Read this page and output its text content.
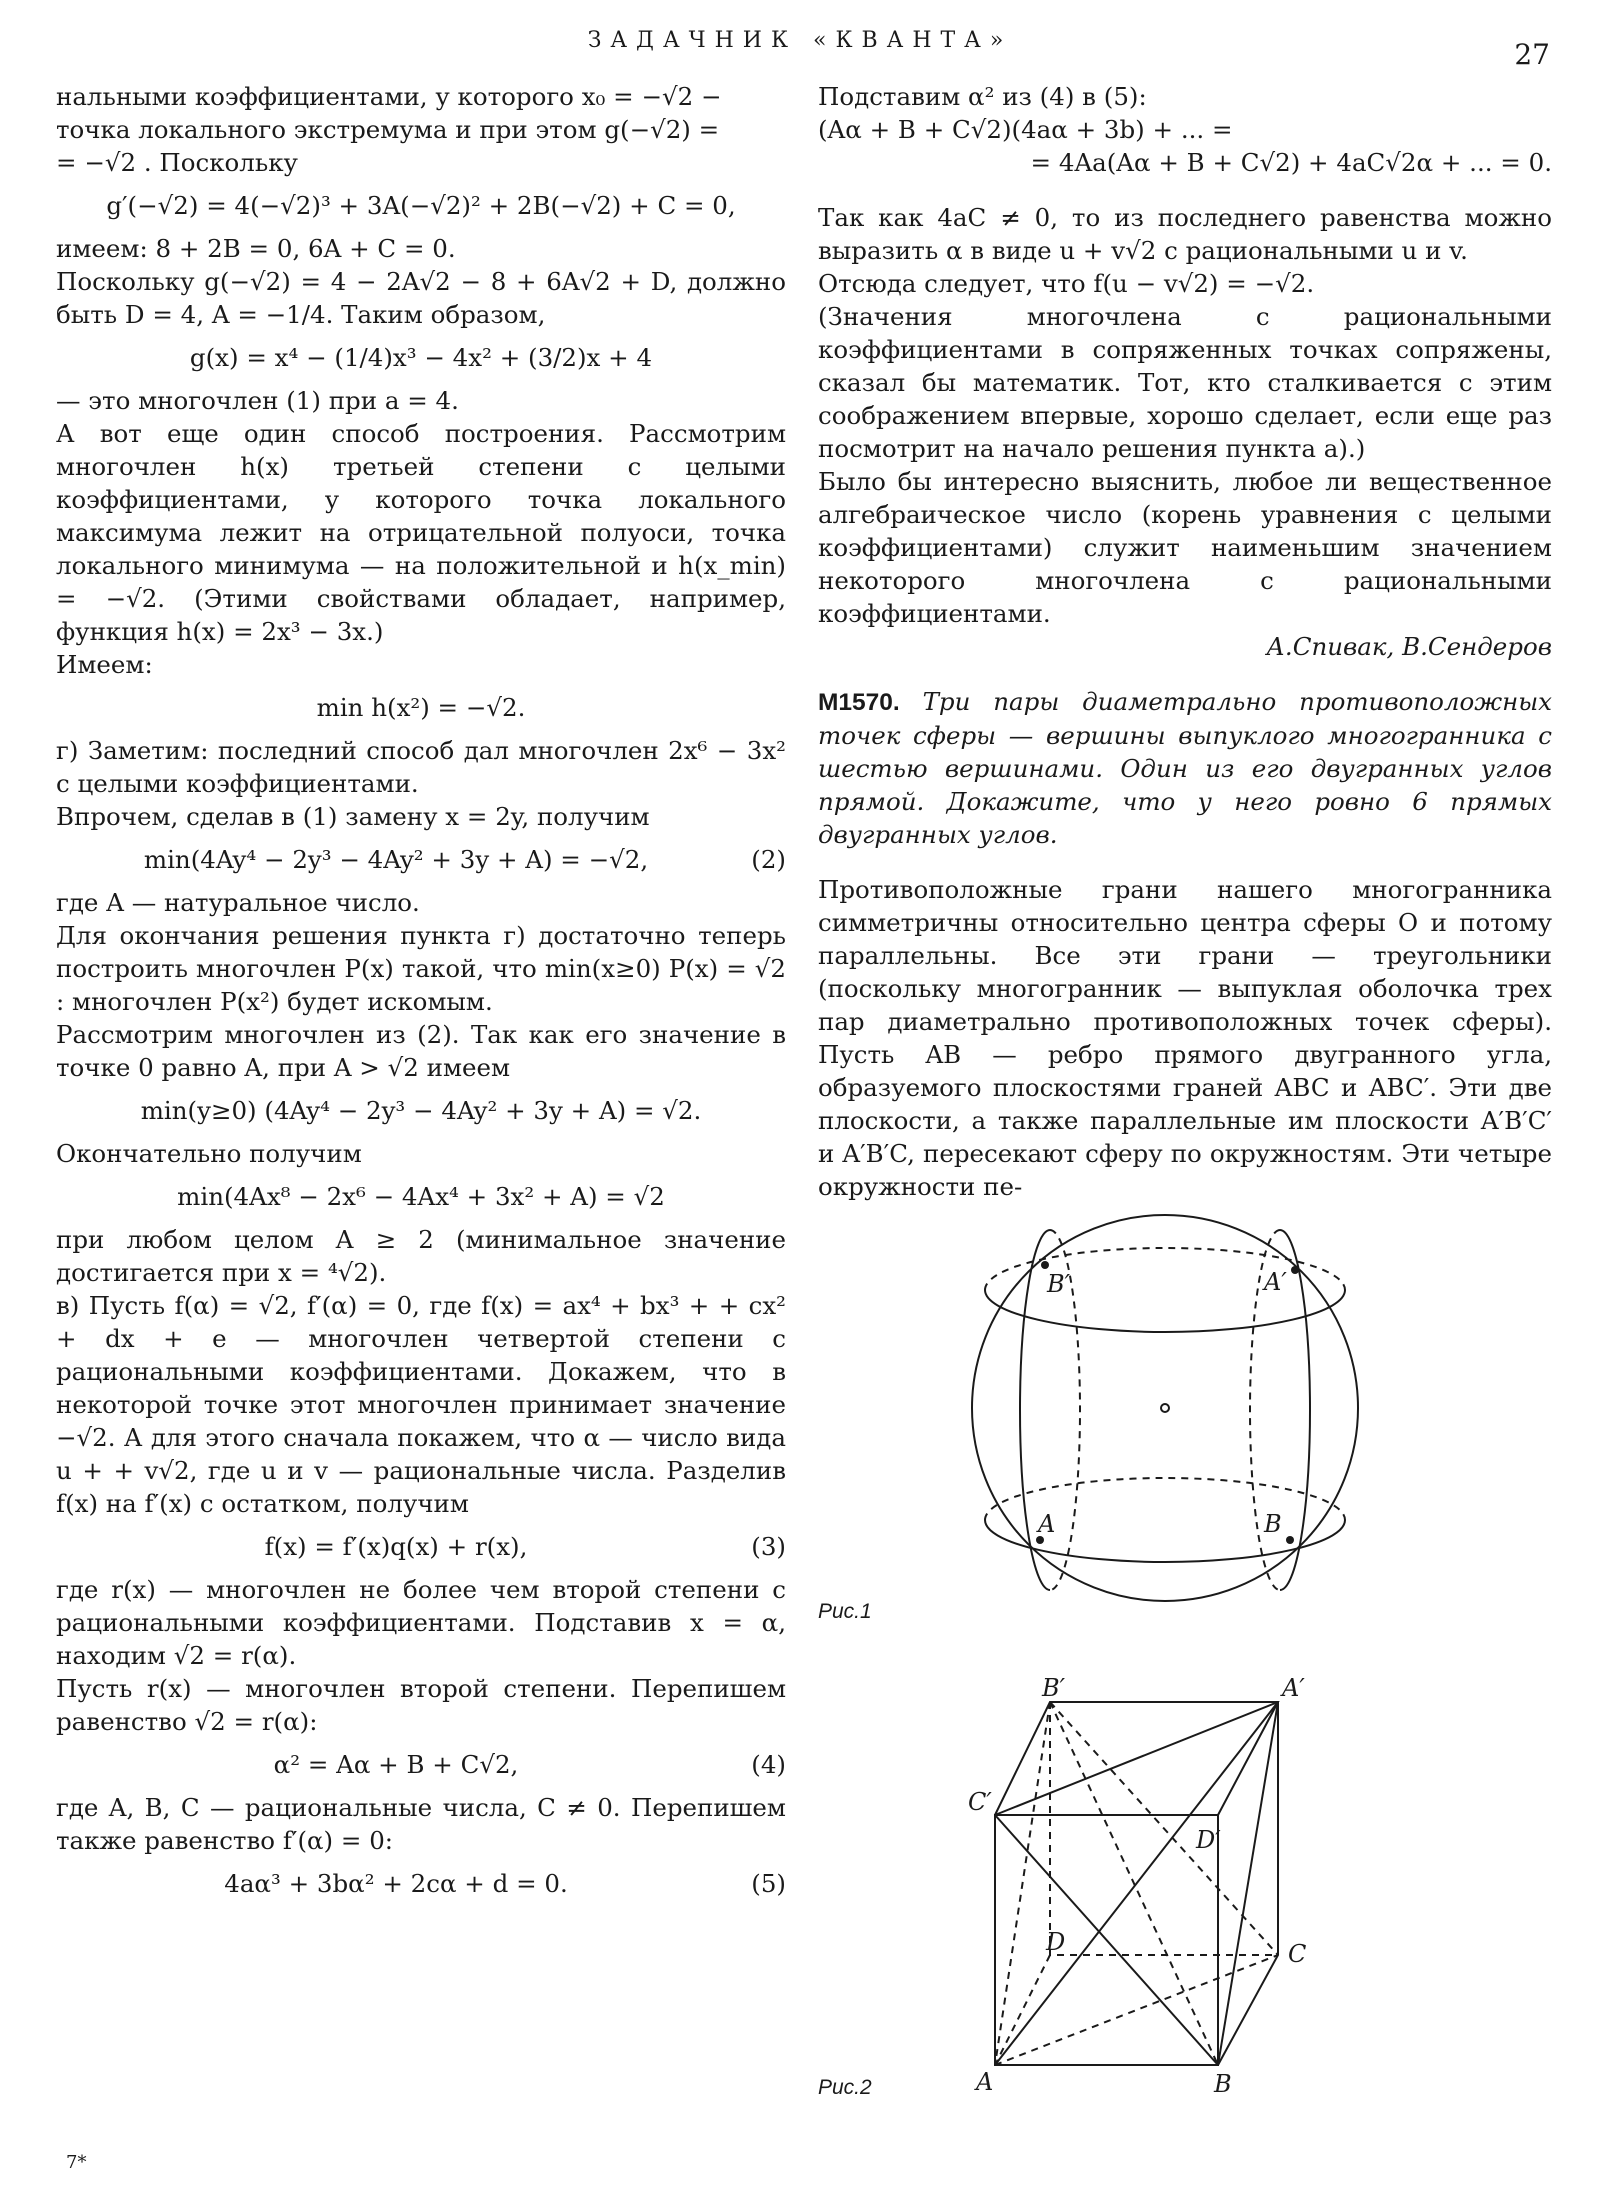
ЗАДАЧНИК «КВАНТА»	27

нальными коэффициентами, у которого x₀ = −√2 −

точка локального экстремума и при этом g(−√2) =

= −√2 . Поскольку

g′(−√2) = 4(−√2)³ + 3A(−√2)² + 2B(−√2) + C = 0,

имеем: 8 + 2B = 0, 6A + C = 0.

Поскольку g(−√2) = 4 − 2A√2 − 8 + 6A√2 + D, должно быть D = 4, A = −1/4. Таким образом,

g(x) = x⁴ − (1/4)x³ − 4x² + (3/2)x + 4

— это многочлен (1) при a = 4.

А вот еще один способ построения. Рассмотрим многочлен h(x) третьей степени с целыми коэффициентами, у которого точка локального максимума лежит на отрицательной полуоси, точка локального минимума — на положительной и h(x_min) = −√2. (Этими свойствами обладает, например, функция h(x) = 2x³ − 3x.)

Имеем:

min h(x²) = −√2.

г) Заметим: последний способ дал многочлен 2x⁶ − 3x² с целыми коэффициентами.

Впрочем, сделав в (1) замену x = 2y, получим

min(4Ay⁴ − 2y³ − 4Ay² + 3y + A) = −√2,	(2)

где A — натуральное число.

Для окончания решения пункта г) достаточно теперь построить многочлен P(x) такой, что min(x≥0) P(x) = √2 : многочлен P(x²) будет искомым.

Рассмотрим многочлен из (2). Так как его значение в точке 0 равно A, при A > √2 имеем

min(y≥0) (4Ay⁴ − 2y³ − 4Ay² + 3y + A) = √2.

Окончательно получим

min(4Ax⁸ − 2x⁶ − 4Ax⁴ + 3x² + A) = √2

при любом целом A ≥ 2 (минимальное значение достигается при x = ⁴√2).

в) Пусть f(α) = √2, f′(α) = 0, где f(x) = ax⁴ + bx³ + + cx² + dx + e — многочлен четвертой степени с рациональными коэффициентами. Докажем, что в некоторой точке этот многочлен принимает значение −√2. А для этого сначала покажем, что α — число вида u + + v√2, где u и v — рациональные числа. Разделив f(x) на f′(x) с остатком, получим

f(x) = f′(x)q(x) + r(x),	(3)

где r(x) — многочлен не более чем второй степени с рациональными коэффициентами. Подставив x = α, находим √2 = r(α).

Пусть r(x) — многочлен второй степени. Перепишем равенство √2 = r(α):

α² = Aα + B + C√2,	(4)

где A, B, C — рациональные числа, C ≠ 0. Перепишем также равенство f′(α) = 0:

4aα³ + 3bα² + 2cα + d = 0.	(5)

Подставим α² из (4) в (5):

(Aα + B + C√2)(4aα + 3b) + ... =

= 4Aa(Aα + B + C√2) + 4aC√2α + ... = 0.

Так как 4aC ≠ 0, то из последнего равенства можно выразить α в виде u + v√2 с рациональными u и v.

Отсюда следует, что f(u − v√2) = −√2.

(Значения многочлена с рациональными коэффициентами в сопряженных точках сопряжены, сказал бы математик. Тот, кто сталкивается с этим соображением впервые, хорошо сделает, если еще раз посмотрит на начало решения пункта а).)

Было бы интересно выяснить, любое ли вещественное алгебраическое число (корень уравнения с целыми коэффициентами) служит наименьшим значением некоторого многочлена с рациональными коэффициентами.

А.Спивак, В.Сендеров

М1570. Три пары диаметрально противоположных точек сферы — вершины выпуклого многогранника с шестью вершинами. Один из его двугранных углов прямой. Докажите, что у него ровно 6 прямых двугранных углов.

Противоположные грани нашего многогранника симметричны относительно центра сферы O и потому параллельны. Все эти грани — треугольники (поскольку многогранник — выпуклая оболочка трех пар диаметрально противоположных точек сферы). Пусть AB — ребро прямого двугранного угла, образуемого плоскостями граней ABC и ABC′. Эти две плоскости, а также параллельные им плоскости A′B′C′ и A′B′C, пересекают сферу по окружностям. Эти четыре окружности пе-

B′	A′
A	B
Рис.1
B′	A′
C′
D′
D	C
A	B
Рис.2
7*
